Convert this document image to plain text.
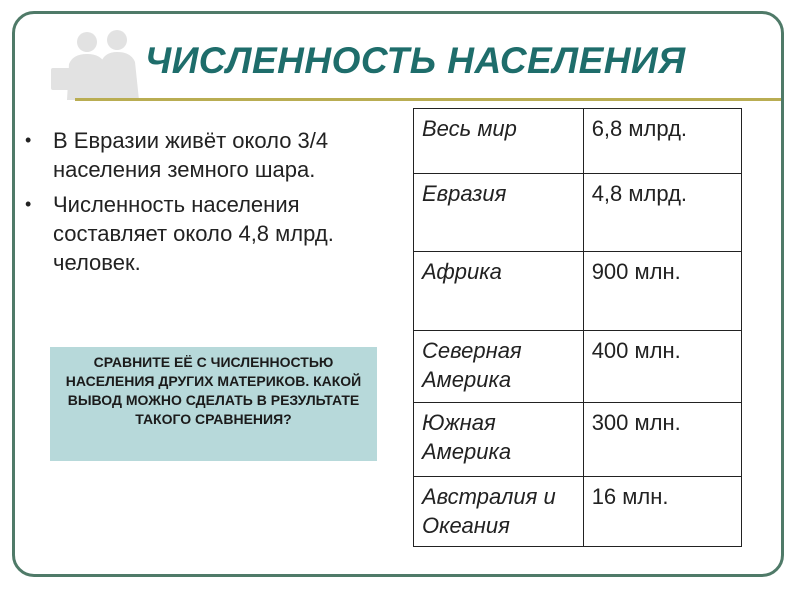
ЧИСЛЕННОСТЬ НАСЕЛЕНИЯ
• В Евразии живёт около 3/4 населения земного шара.
• Численность населения составляет около 4,8 млрд. человек.
СРАВНИТЕ ЕЁ С ЧИСЛЕННОСТЬЮ НАСЕЛЕНИЯ ДРУГИХ МАТЕРИКОВ. КАКОЙ ВЫВОД МОЖНО СДЕЛАТЬ В РЕЗУЛЬТАТЕ ТАКОГО СРАВНЕНИЯ?
Весь мир	6,8 млрд.
Евразия	4,8 млрд.
Африка	900 млн.
Северная Америка	400 млн.
Южная Америка	300 млн.
Австралия и Океания	16 млн.
